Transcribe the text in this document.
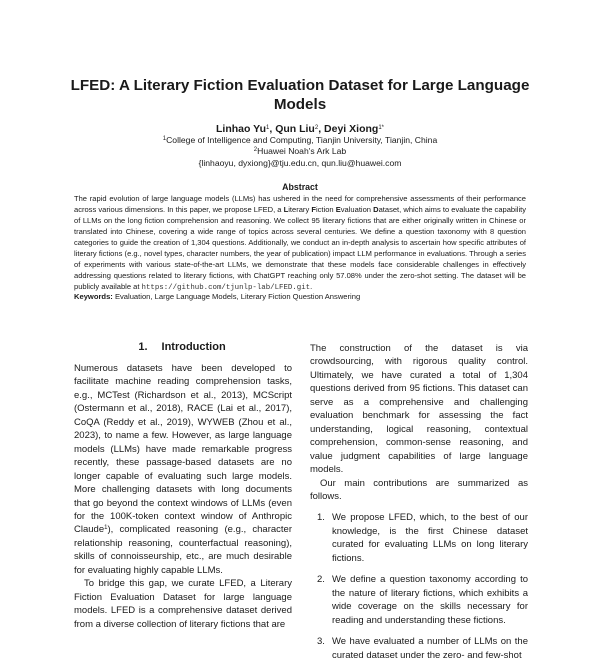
LFED: A Literary Fiction Evaluation Dataset for Large Language Models
Linhao Yu$^1$, Qun Liu$^2$, Deyi Xiong$^{1*}$
$^1$College of Intelligence and Computing, Tianjin University, Tianjin, China
$^2$Huawei Noah's Ark Lab
{linhaoyu, dyxiong}@tju.edu.cn, qun.liu@huawei.com
Abstract
The rapid evolution of large language models (LLMs) has ushered in the need for comprehensive assessments of their performance across various dimensions. In this paper, we propose LFED, a Literary Fiction Evaluation Dataset, which aims to evaluate the capability of LLMs on the long fiction comprehension and reasoning. We collect 95 literary fictions that are either originally written in Chinese or translated into Chinese, covering a wide range of topics across several centuries. We define a question taxonomy with 8 question categories to guide the creation of 1,304 questions. Additionally, we conduct an in-depth analysis to ascertain how specific attributes of literary fictions (e.g., novel types, character numbers, the year of publication) impact LLM performance in evaluations. Through a series of experiments with various state-of-the-art LLMs, we demonstrate that these models face considerable challenges in effectively addressing questions related to literary fictions, with ChatGPT reaching only 57.08% under the zero-shot setting. The dataset will be publicly available at https://github.com/tjunlp-lab/LFED.git.
Keywords: Evaluation, Large Language Models, Literary Fiction Question Answering
1. Introduction

Numerous datasets have been developed to facilitate machine reading comprehension tasks, e.g., MCTest (Richardson et al., 2013), MCScript (Ostermann et al., 2018), RACE (Lai et al., 2017), CoQA (Reddy et al., 2019), WYWEB (Zhou et al., 2023), to name a few. However, as large language models (LLMs) have made remarkable progress recently, these passage-based datasets are no longer capable of evaluating such large models. More challenging datasets with long documents that go beyond the context windows of LLMs (even for the 100K-token context window of Anthropic Claude$^1$), complicated reasoning (e.g., character relationship reasoning, counterfactual reasoning), skills of connoisseurship, etc., are much desirable for evaluating highly capable LLMs.

To bridge this gap, we curate LFED, a Literary Fiction Evaluation Dataset for large language models. LFED is a comprehensive dataset derived from a diverse collection of literary fictions that are

The construction of the dataset is via crowdsourcing, with rigorous quality control. Ultimately, we have curated a total of 1,304 questions derived from 95 fictions. This dataset can serve as a comprehensive and challenging evaluation benchmark for assessing the fact understanding, logical reasoning, contextual comprehension, common-sense reasoning, and value judgment capabilities of large language models.

Our main contributions are summarized as follows.

1. We propose LFED, which, to the best of our knowledge, is the first Chinese dataset curated for evaluating LLMs on long literary fictions.
2. We define a question taxonomy according to the nature of literary fictions, which exhibits a wide coverage on the skills necessary for reading and understanding these fictions.
3. We have evaluated a number of LLMs on the curated dataset under the zero- and few-shot
